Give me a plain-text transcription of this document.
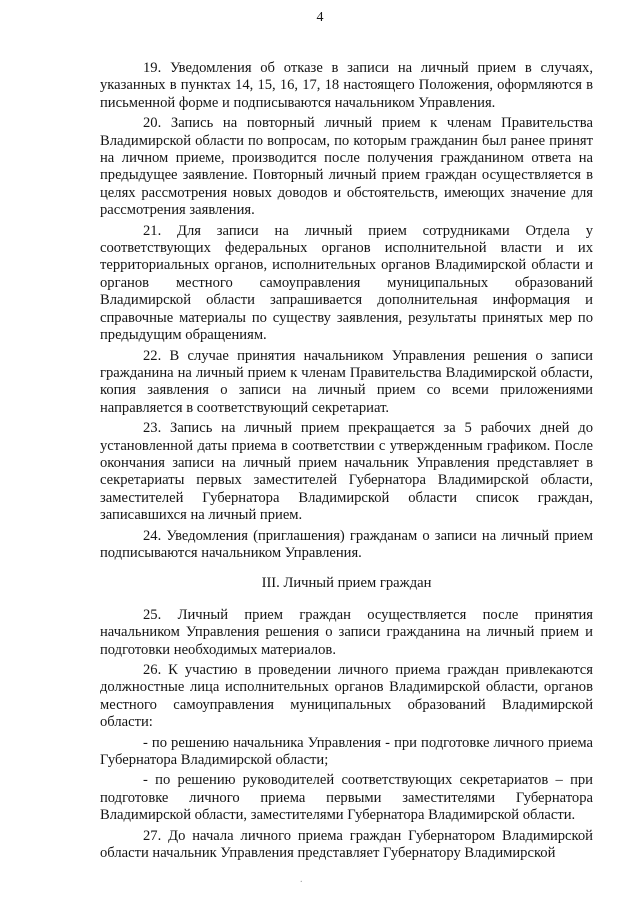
4

19. Уведомления об отказе в записи на личный прием в случаях, указанных в пунктах 14, 15, 16, 17, 18 настоящего Положения, оформляются в письменной форме и подписываются начальником Управления.

20. Запись на повторный личный прием к членам Правительства Владимирской области по вопросам, по которым гражданин был ранее принят на личном приеме, производится после получения гражданином ответа на предыдущее заявление. Повторный личный прием граждан осуществляется в целях рассмотрения новых доводов и обстоятельств, имеющих значение для рассмотрения заявления.

21. Для записи на личный прием сотрудниками Отдела у соответствующих федеральных органов исполнительной власти и их территориальных органов, исполнительных органов Владимирской области и органов местного самоуправления муниципальных образований Владимирской области запрашивается дополнительная информация и справочные материалы по существу заявления, результаты принятых мер по предыдущим обращениям.

22. В случае принятия начальником Управления решения о записи гражданина на личный прием к членам Правительства Владимирской области, копия заявления о записи на личный прием со всеми приложениями направляется в соответствующий секретариат.

23. Запись на личный прием прекращается за 5 рабочих дней до установленной даты приема в соответствии с утвержденным графиком. После окончания записи на личный прием начальник Управления представляет в секретариаты первых заместителей Губернатора Владимирской области, заместителей Губернатора Владимирской области список граждан, записавшихся на личный прием.

24. Уведомления (приглашения) гражданам о записи на личный прием подписываются начальником Управления.

III. Личный прием граждан

25. Личный прием граждан осуществляется после принятия начальником Управления решения о записи гражданина на личный прием и подготовки необходимых материалов.

26. К участию в проведении личного приема граждан привлекаются должностные лица исполнительных органов Владимирской области, органов местного самоуправления муниципальных образований Владимирской области:

- по решению начальника Управления - при подготовке личного приема Губернатора Владимирской области;

- по решению руководителей соответствующих секретариатов – при подготовке личного приема первыми заместителями Губернатора Владимирской области, заместителями Губернатора Владимирской области.

27. До начала личного приема граждан Губернатором Владимирской области начальник Управления представляет Губернатору Владимирской

.
